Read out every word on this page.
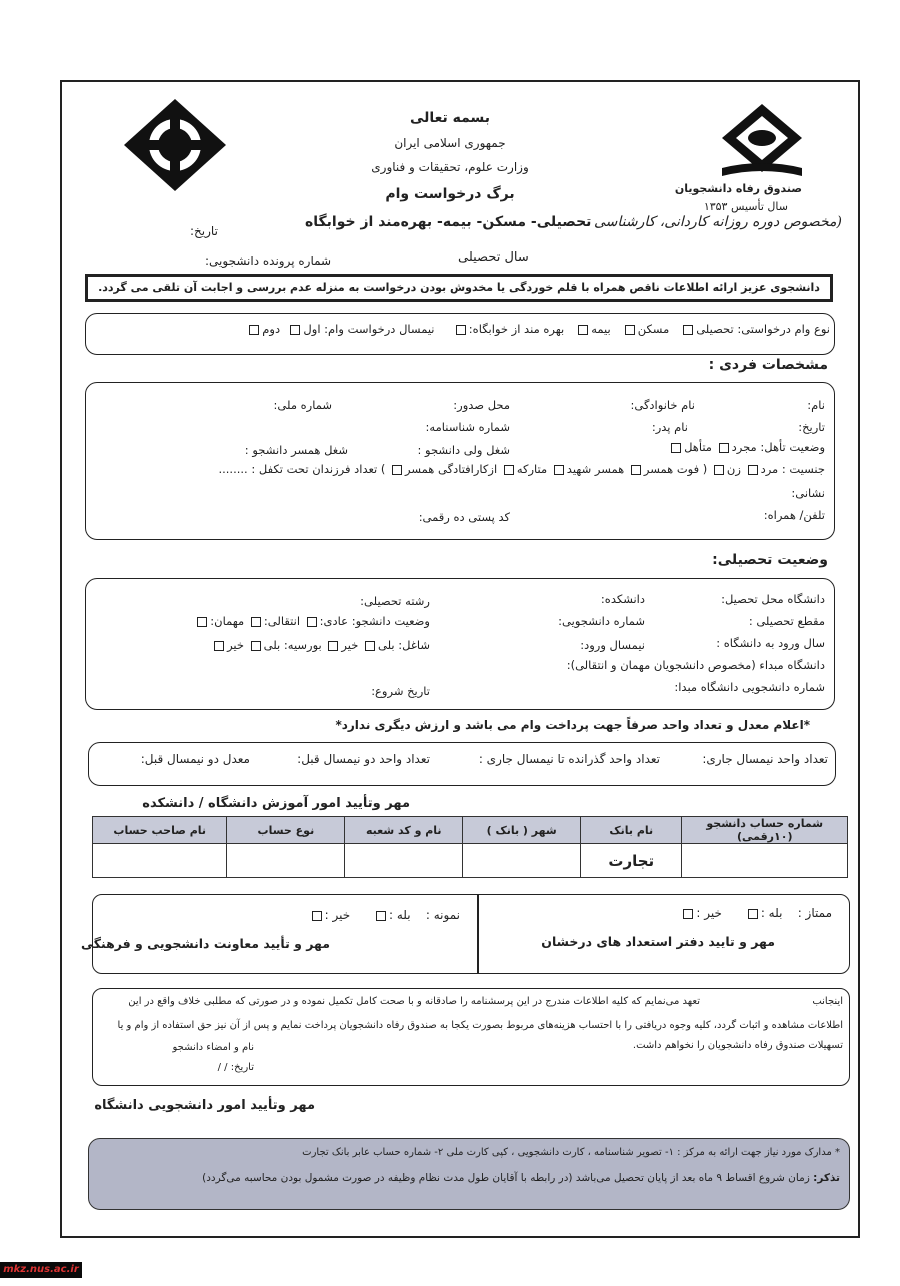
صندوق رفاه دانشجویان
سال تأسیس ۱۳۵۳
بسمه تعالی
جمهوری اسلامی ایران
وزارت علوم، تحقیقات و فناوری
برگ درخواست وام
تحصیلی- مسکن- بیمه- بهره‌مند از خوابگاه (مخصوص دوره روزانه کاردانی، کارشناسی
تاریخ:
شماره پرونده دانشجویی:	سال تحصیلی
دانشجوی عزیز ارائه اطلاعات ناقص همراه با قلم خوردگی یا مخدوش بودن درخواست به منزله عدم بررسی و اجابت آن تلقی می گردد.
نوع وام درخواستی: تحصیلی   مسکن   بیمه   بهره مند از خوابگاه:     نیمسال درخواست وام: اول  دوم
مشخصات فردی :
نام:
نام خانوادگی:
محل صدور:
شماره ملی:
تاریخ:
نام پدر:
شماره شناسنامه:
وضعیت تأهل: مجرد متأهل
شغل ولی دانشجو :
شغل همسر دانشجو :
جنسیت : مرد زن ( فوت همسر همسر شهید متارکه ازکارافتادگی همسر ) تعداد فرزندان تحت تکفل : ........
نشانی:
تلفن/ همراه:
کد پستی ده رقمی:
وضعیت تحصیلی:
دانشگاه محل تحصیل:
دانشکده:
رشته تحصیلی:
مقطع تحصیلی :
شماره دانشجویی:
وضعیت دانشجو: عادی: انتقالی: مهمان:
سال ورود به دانشگاه :
نیمسال ورود:
شاغل: بلی خیر بورسیه: بلی خیر
دانشگاه مبداء (مخصوص دانشجویان مهمان و انتقالی):
شماره دانشجویی دانشگاه مبدا:
تاریخ شروع:
*اعلام معدل و تعداد واحد صرفاً جهت پرداخت وام می باشد و ارزش دیگری ندارد*
تعداد واحد نیمسال جاری:
تعداد واحد گذرانده تا نیمسال جاری :
تعداد واحد دو نیمسال قبل:
معدل دو نیمسال قبل:
مهر وتأیید امور آموزش دانشگاه / دانشکده
نام صاحب حساب	نوع حساب	نام و کد شعبه	شهر ( بانک )	نام بانک	شماره حساب دانشجو (۱۰رقمی)
				تجارت	
ممتاز :    بله :      خیر :
مهر و تایید دفتر استعداد های درخشان
نمونه :    بله :      خیر :
مهر و تأیید معاونت دانشجویی و فرهنگی
اینجانب
تعهد می‌نمایم که کلیه اطلاعات مندرج در این پرسشنامه را صادقانه و با صحت کامل تکمیل نموده و در صورتی که مطلبی خلاف واقع در این
اطلاعات مشاهده و اثبات گردد، کلیه وجوه دریافتی را با احتساب هزینه‌های مربوط بصورت یکجا به صندوق رفاه دانشجویان پرداخت نمایم و پس از آن نیز حق استفاده از وام و یا
تسهیلات صندوق رفاه دانشجویان را نخواهم داشت.
نام و امضاء دانشجو
تاریخ: / /
مهر وتأیید امور دانشجویی دانشگاه
* مدارک مورد نیاز جهت ارائه به مرکز : ۱- تصویر شناسنامه ، کارت دانشجویی ، کپی کارت ملی ۲- شماره حساب عابر بانک تجارت
تذکر: زمان شروع اقساط ۹ ماه بعد از پایان تحصیل می‌باشد (در رابطه با آقایان طول مدت نظام وظیفه در صورت مشمول بودن محاسبه می‌گردد)
mkz.nus.ac.ir
